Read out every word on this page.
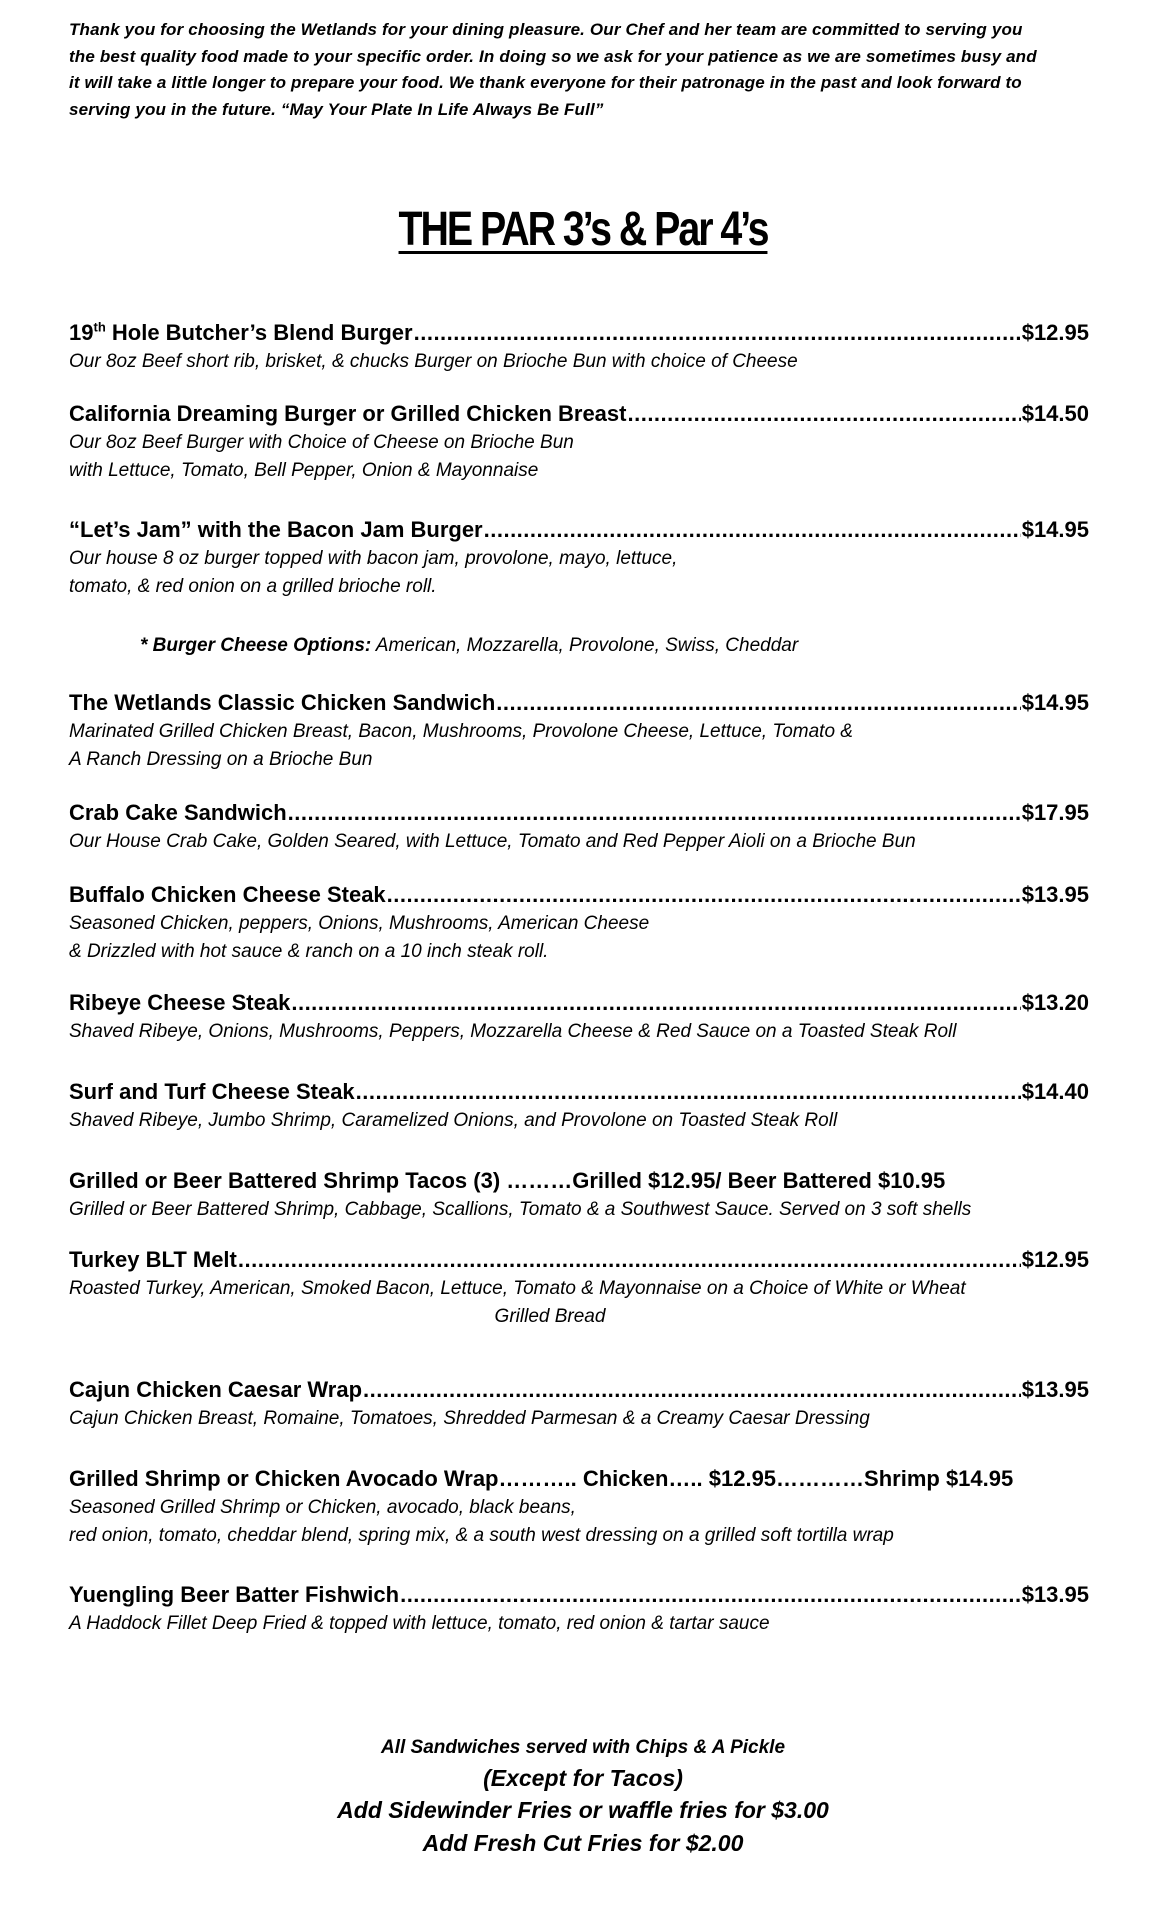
Thank you for choosing the Wetlands for your dining pleasure. Our Chef and her team are committed to serving you
the best quality food made to your specific order. In doing so we ask for your patience as we are sometimes busy and
it will take a little longer to prepare your food. We thank everyone for their patronage in the past and look forward to
serving you in the future. “May Your Plate In Life Always Be Full”
THE PAR 3’s & Par 4’s
19th Hole Butcher’s Blend Burger .....	$12.95
Our 8oz Beef short rib, brisket, & chucks Burger on Brioche Bun with choice of Cheese
California Dreaming Burger or Grilled Chicken Breast .....	$14.50
Our 8oz Beef Burger with Choice of Cheese on Brioche Bun
with Lettuce, Tomato, Bell Pepper, Onion & Mayonnaise
“Let’s Jam” with the Bacon Jam Burger .....	$14.95
Our house 8 oz burger topped with bacon jam, provolone, mayo, lettuce,
tomato, & red onion on a grilled brioche roll.
* Burger Cheese Options: American, Mozzarella, Provolone, Swiss, Cheddar
The Wetlands Classic Chicken Sandwich .....	$14.95
Marinated Grilled Chicken Breast, Bacon, Mushrooms, Provolone Cheese, Lettuce, Tomato &
A Ranch Dressing on a Brioche Bun
Crab Cake Sandwich .....	$17.95
Our House Crab Cake, Golden Seared, with Lettuce, Tomato and Red Pepper Aioli on a Brioche Bun
Buffalo Chicken Cheese Steak .....	$13.95
Seasoned Chicken, peppers, Onions, Mushrooms, American Cheese
& Drizzled with hot sauce & ranch on a 10 inch steak roll.
Ribeye Cheese Steak .....	$13.20
Shaved Ribeye, Onions, Mushrooms, Peppers, Mozzarella Cheese & Red Sauce on a Toasted Steak Roll
Surf and Turf Cheese Steak .....	$14.40
Shaved Ribeye, Jumbo Shrimp, Caramelized Onions, and Provolone on Toasted Steak Roll
Grilled or Beer Battered Shrimp Tacos (3) ………Grilled $12.95/ Beer Battered $10.95
Grilled or Beer Battered Shrimp, Cabbage, Scallions, Tomato & a Southwest Sauce. Served on 3 soft shells
Turkey BLT Melt .....	$12.95
Roasted Turkey, American, Smoked Bacon, Lettuce, Tomato & Mayonnaise on a Choice of White or Wheat
Grilled Bread
Cajun Chicken Caesar Wrap .....	$13.95
Cajun Chicken Breast, Romaine, Tomatoes, Shredded Parmesan & a Creamy Caesar Dressing
Grilled Shrimp or Chicken Avocado Wrap……….. Chicken….. $12.95…………Shrimp $14.95
Seasoned Grilled Shrimp or Chicken, avocado, black beans,
red onion, tomato, cheddar blend, spring mix, & a south west dressing on a grilled soft tortilla wrap
Yuengling Beer Batter Fishwich .....	$13.95
A Haddock Fillet Deep Fried & topped with lettuce, tomato, red onion & tartar sauce
All Sandwiches served with Chips & A Pickle
(Except for Tacos)
Add Sidewinder Fries or waffle fries for $3.00
Add Fresh Cut Fries for $2.00
